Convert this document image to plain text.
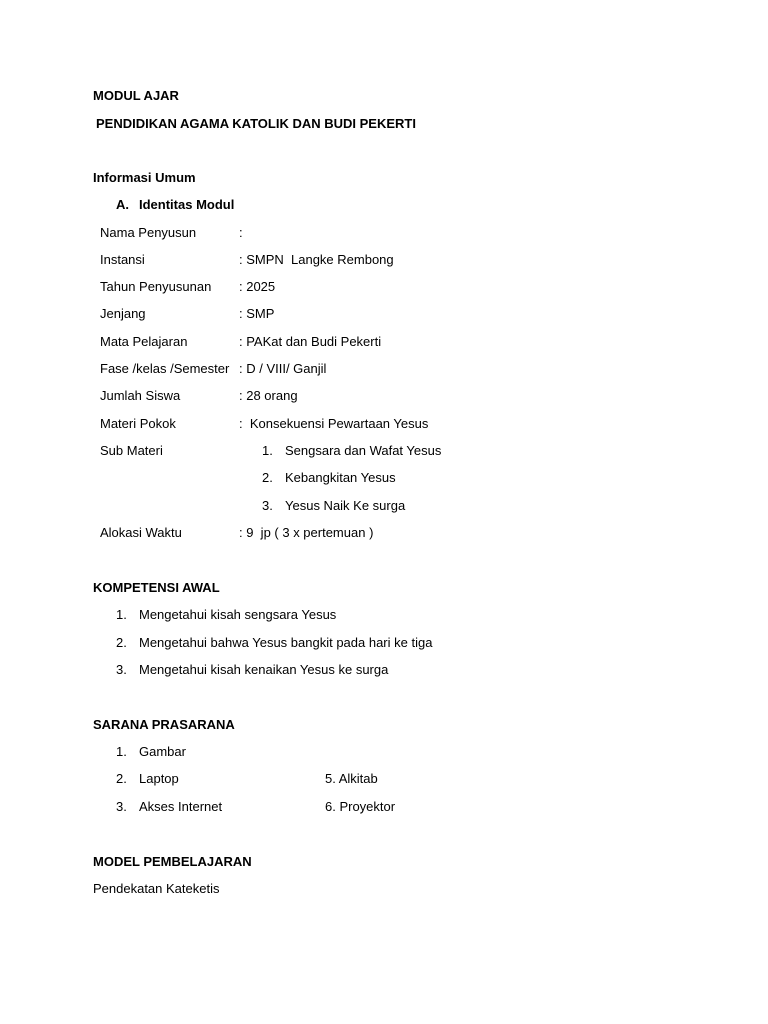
MODUL AJAR
PENDIDIKAN AGAMA KATOLIK DAN BUDI PEKERTI
Informasi Umum
A. Identitas Modul
Nama Penyusun	:
Instansi	: SMPN  Langke Rembong
Tahun Penyusunan : 2025
Jenjang	: SMP
Mata Pelajaran	: PAKat dan Budi Pekerti
Fase /kelas /Semester : D / VIII/ Ganjil
Jumlah Siswa	: 28 orang
Materi Pokok	:  Konsekuensi Pewartaan Yesus
Sub Materi	1. Sengsara dan Wafat Yesus
2. Kebangkitan Yesus
3. Yesus Naik Ke surga
Alokasi Waktu	: 9  jp ( 3 x pertemuan )
KOMPETENSI AWAL
1. Mengetahui kisah sengsara Yesus
2. Mengetahui bahwa Yesus bangkit pada hari ke tiga
3. Mengetahui kisah kenaikan Yesus ke surga
SARANA PRASARANA
1. Gambar
2. Laptop	5. Alkitab
3. Akses Internet	6. Proyektor
MODEL PEMBELAJARAN
Pendekatan Kateketis
